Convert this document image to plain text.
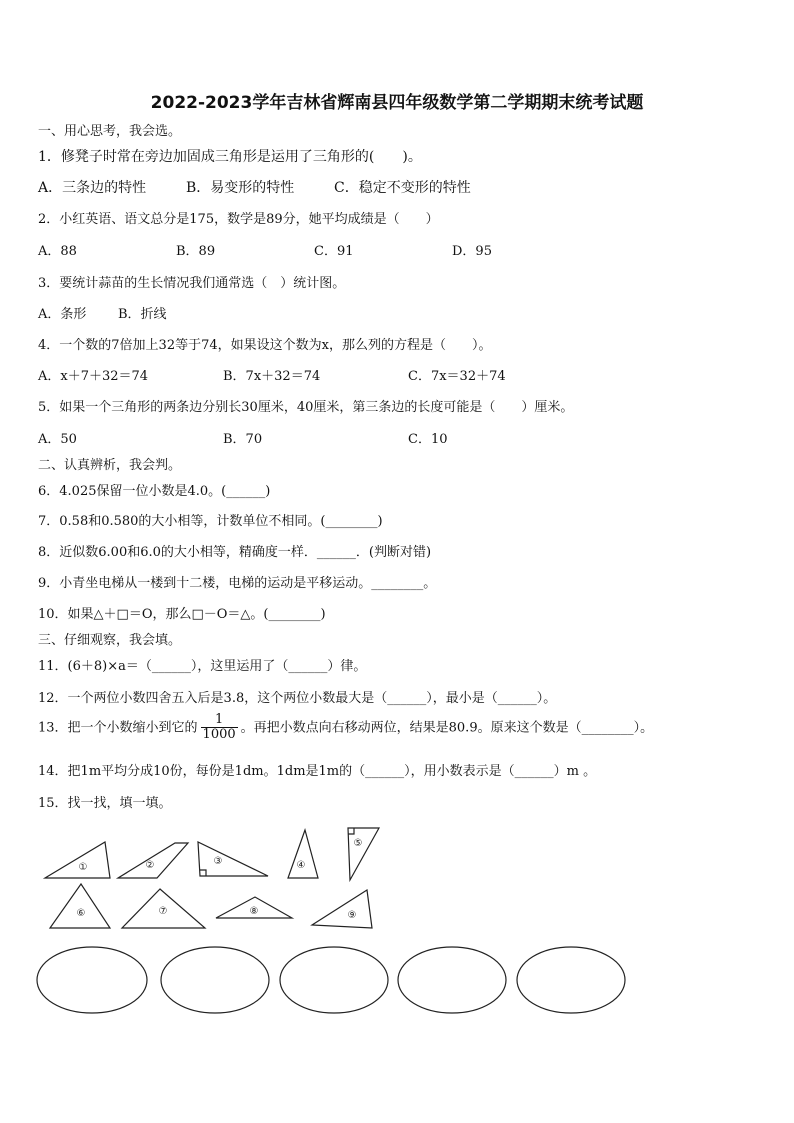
2022-2023学年吉林省辉南县四年级数学第二学期期末统考试题
一、用心思考，我会选。
1．修凳子时常在旁边加固成三角形是运用了三角形的(　　)。
A．三条边的特性	B．易变形的特性	C．稳定不变形的特性
2．小红英语、语文总分是175，数学是89分，她平均成绩是（　　）
A．88	B．89	C．91	D．95
3．要统计蒜苗的生长情况我们通常选（　）统计图。
A．条形 B．折线
4．一个数的7倍加上32等于74，如果设这个数为x，那么列的方程是（　　）。
A．x＋7＋32＝74	B．7x＋32＝74	C．7x＝32＋74
5．如果一个三角形的两条边分别长30厘米，40厘米，第三条边的长度可能是（　　）厘米。
A．50	B．70	C．10
二、认真辨析，我会判。
6．4.025保留一位小数是4.0。(______)
7．0.58和0.580的大小相等，计数单位不相同。(________)
8．近似数6.00和6.0的大小相等，精确度一样．______．(判断对错)
9．小青坐电梯从一楼到十二楼，电梯的运动是平移运动。________。
10．如果△＋□＝O，那么□－O＝△。(________)
三、仔细观察，我会填。
11．(6＋8)×a＝（______），这里运用了（______）律。
12．一个两位小数四舍五入后是3.8，这个两位小数最大是（______），最小是（______）。
13．把一个小数缩小到它的 $\frac{1}{1000}$ 。再把小数点向右移动两位，结果是80.9。原来这个数是（________）。
14．把1m平均分成10份，每份是1dm。1dm是1m的（______），用小数表示是（______）m 。
15．找一找，填一填。
①	②	③	④
⑤
⑥	⑦	⑧	⑨
